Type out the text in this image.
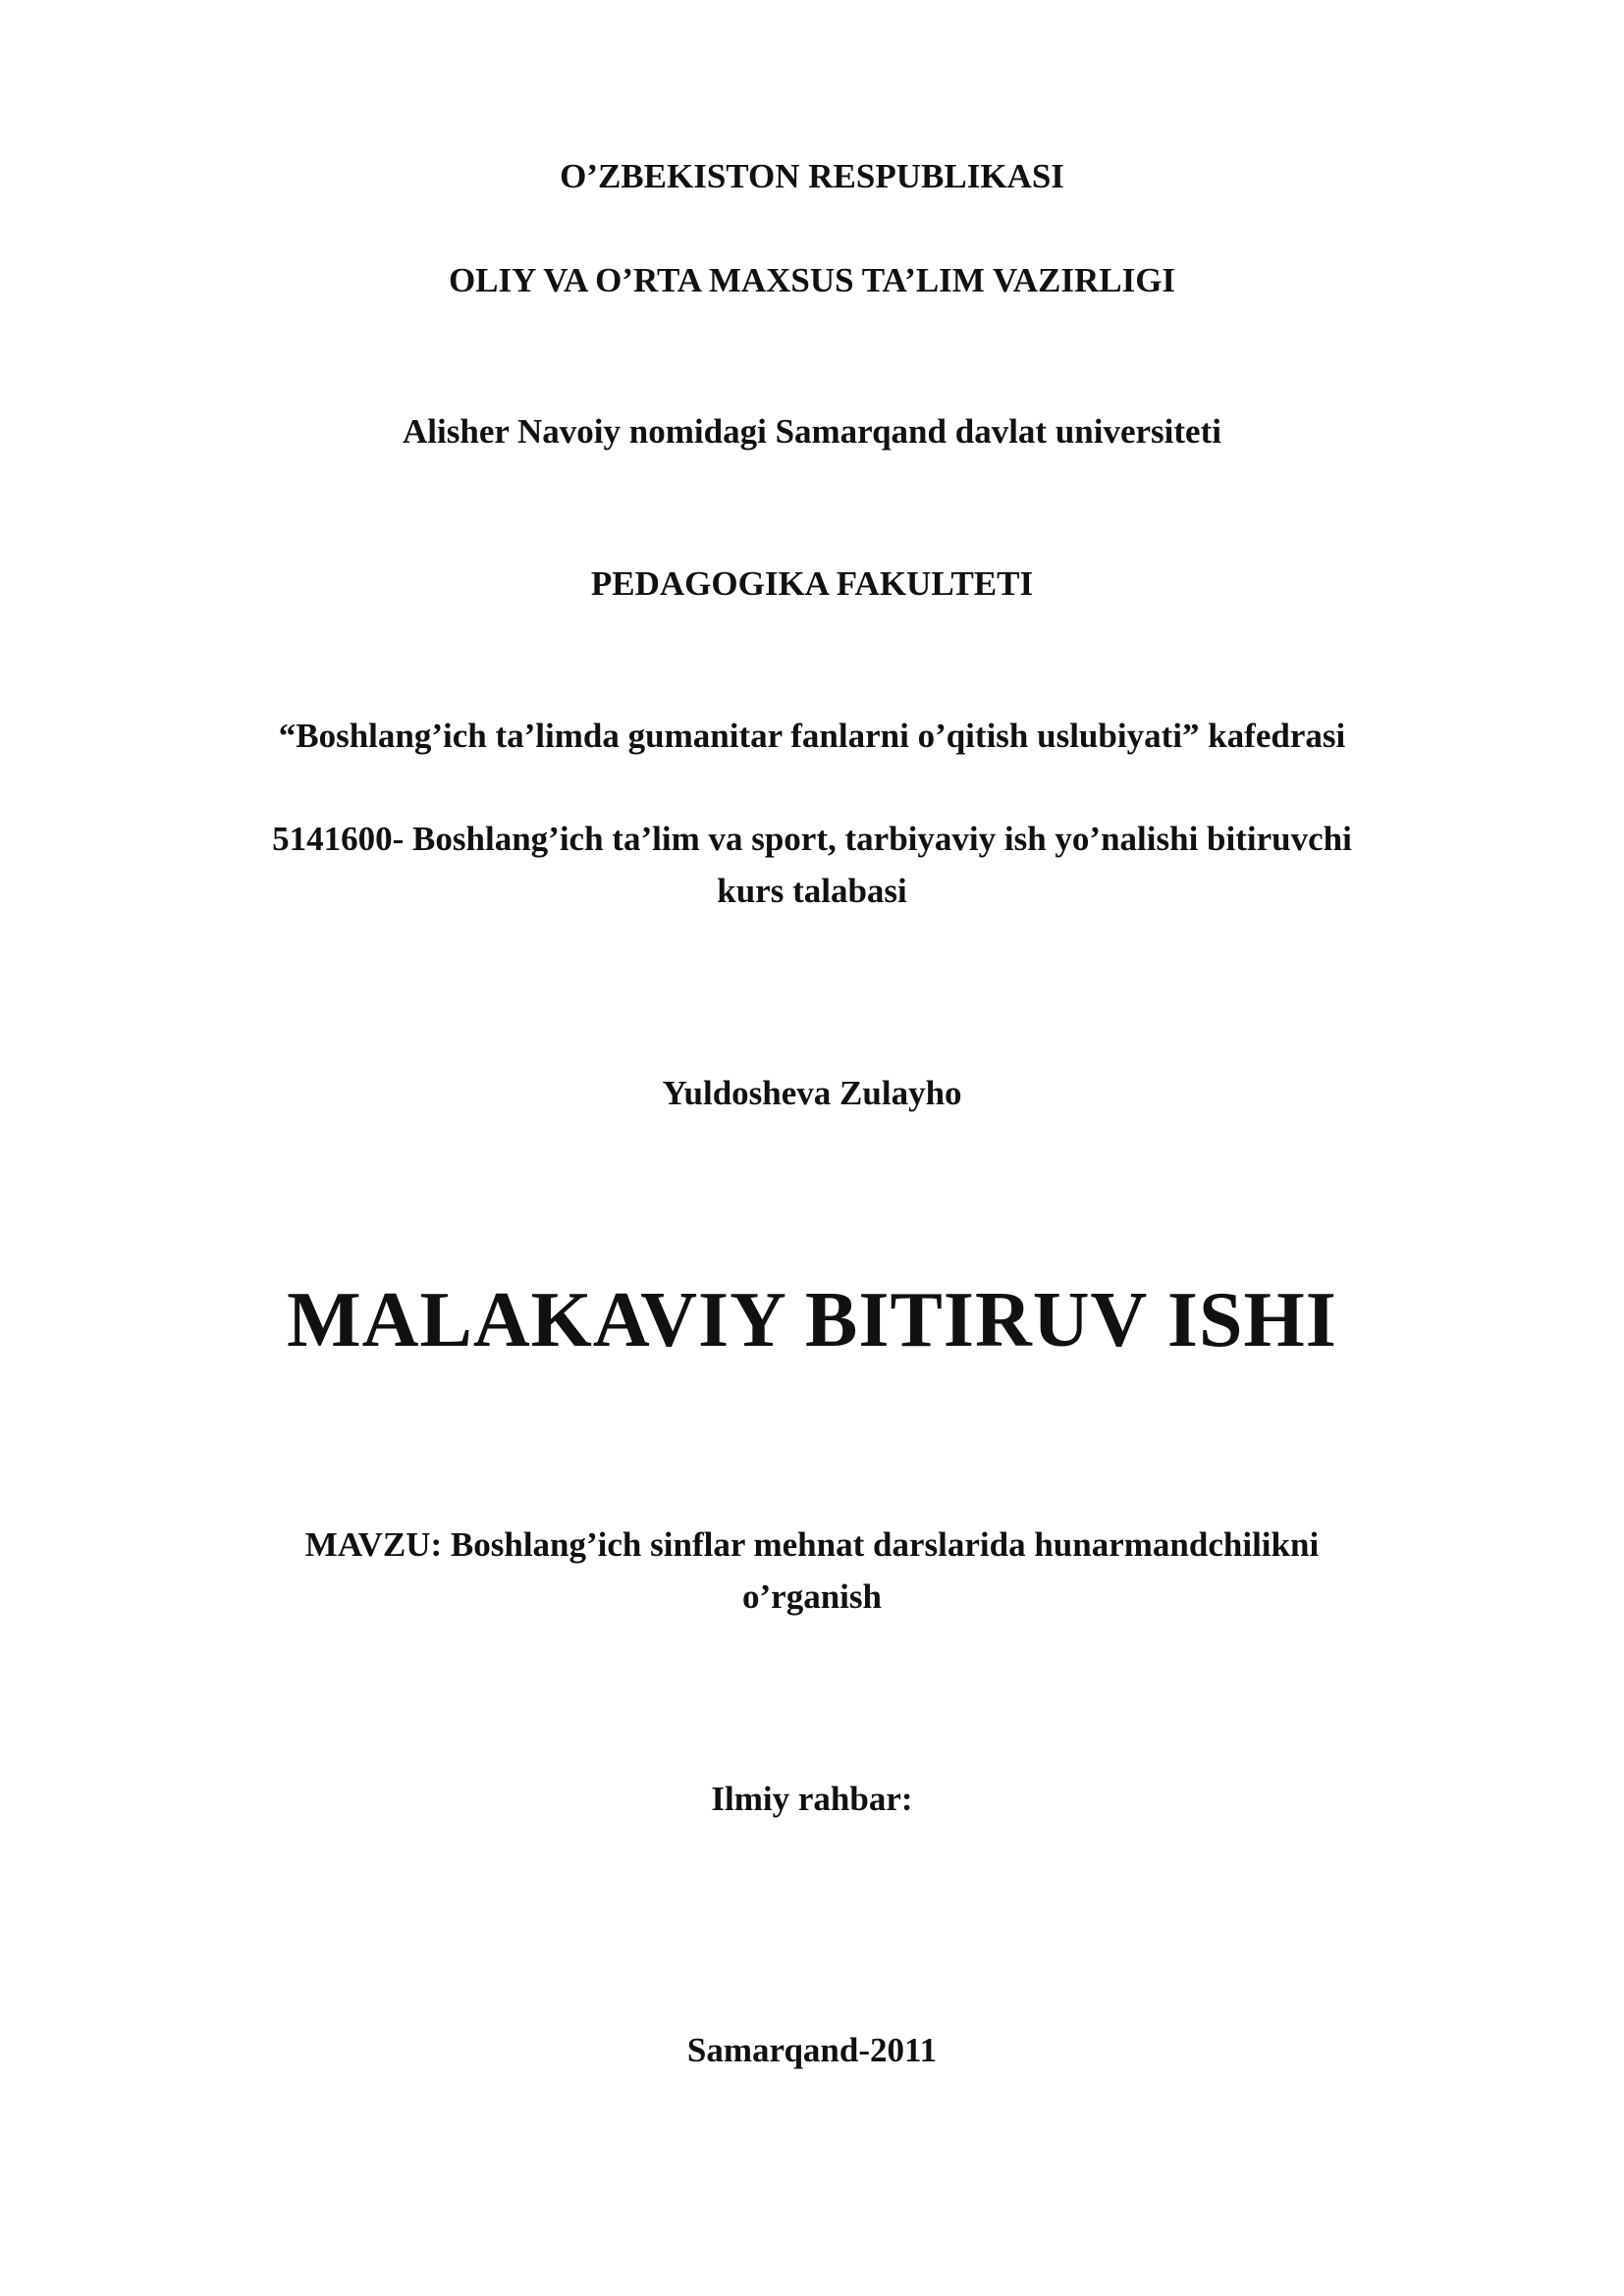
O’ZBEKISTON RESPUBLIKASI
OLIY VA O’RTA MAXSUS TA’LIM VAZIRLIGI
Alisher Navoiy nomidagi Samarqand davlat universiteti
PEDAGOGIKA FAKULTETI
“Boshlang’ich ta’limda gumanitar fanlarni o’qitish uslubiyati” kafedrasi
5141600- Boshlang’ich ta’lim va sport, tarbiyaviy ish yo’nalishi bitiruvchi
kurs talabasi
Yuldosheva Zulayho
MALAKAVIY BITIRUV ISHI
MAVZU: Boshlang’ich sinflar mehnat darslarida hunarmandchilikni
o’rganish
Ilmiy rahbar:
Samarqand-2011
